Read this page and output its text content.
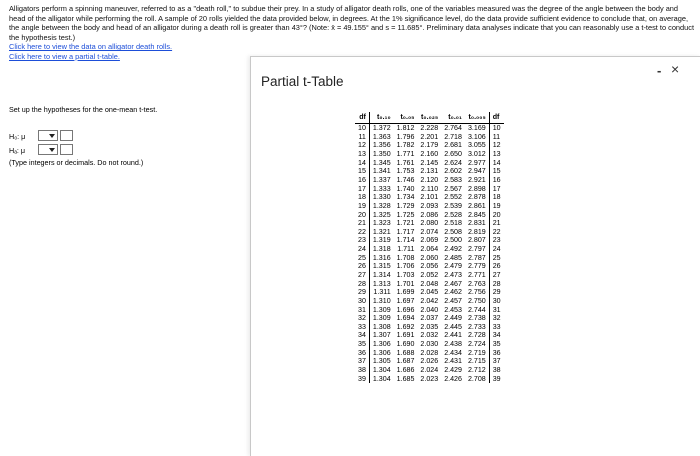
Alligators perform a spinning maneuver, referred to as a "death roll," to subdue their prey. In a study of alligator death rolls, one of the variables measured was the degree of the angle between the body and head of the alligator while performing the roll. A sample of 20 rolls yielded the data provided below, in degrees. At the 1% significance level, do the data provide sufficient evidence to conclude that, on average, the angle between the body and head of an alligator during a death roll is greater than 43°? (Note: x̄ = 49.155° and s = 11.685°. Preliminary data analyses indicate that you can reasonably use a t-test to conduct the hypothesis test.)
Click here to view the data on alligator death rolls.
Click here to view a partial t-table.
Set up the hypotheses for the one-mean t-test.
H₀: μ
Hₐ: μ
(Type integers or decimals. Do not round.)
Partial t-Table
- ×
df	t₀.₁₀	t₀.₀₅	t₀.₀₂₅	t₀.₀₁	t₀.₀₀₅	df
10	1.372	1.812	2.228	2.764	3.169	10
11	1.363	1.796	2.201	2.718	3.106	11
12	1.356	1.782	2.179	2.681	3.055	12
13	1.350	1.771	2.160	2.650	3.012	13
14	1.345	1.761	2.145	2.624	2.977	14
15	1.341	1.753	2.131	2.602	2.947	15
16	1.337	1.746	2.120	2.583	2.921	16
17	1.333	1.740	2.110	2.567	2.898	17
18	1.330	1.734	2.101	2.552	2.878	18
19	1.328	1.729	2.093	2.539	2.861	19
20	1.325	1.725	2.086	2.528	2.845	20
21	1.323	1.721	2.080	2.518	2.831	21
22	1.321	1.717	2.074	2.508	2.819	22
23	1.319	1.714	2.069	2.500	2.807	23
24	1.318	1.711	2.064	2.492	2.797	24
25	1.316	1.708	2.060	2.485	2.787	25
26	1.315	1.706	2.056	2.479	2.779	26
27	1.314	1.703	2.052	2.473	2.771	27
28	1.313	1.701	2.048	2.467	2.763	28
29	1.311	1.699	2.045	2.462	2.756	29
30	1.310	1.697	2.042	2.457	2.750	30
31	1.309	1.696	2.040	2.453	2.744	31
32	1.309	1.694	2.037	2.449	2.738	32
33	1.308	1.692	2.035	2.445	2.733	33
34	1.307	1.691	2.032	2.441	2.728	34
35	1.306	1.690	2.030	2.438	2.724	35
36	1.306	1.688	2.028	2.434	2.719	36
37	1.305	1.687	2.026	2.431	2.715	37
38	1.304	1.686	2.024	2.429	2.712	38
39	1.304	1.685	2.023	2.426	2.708	39
